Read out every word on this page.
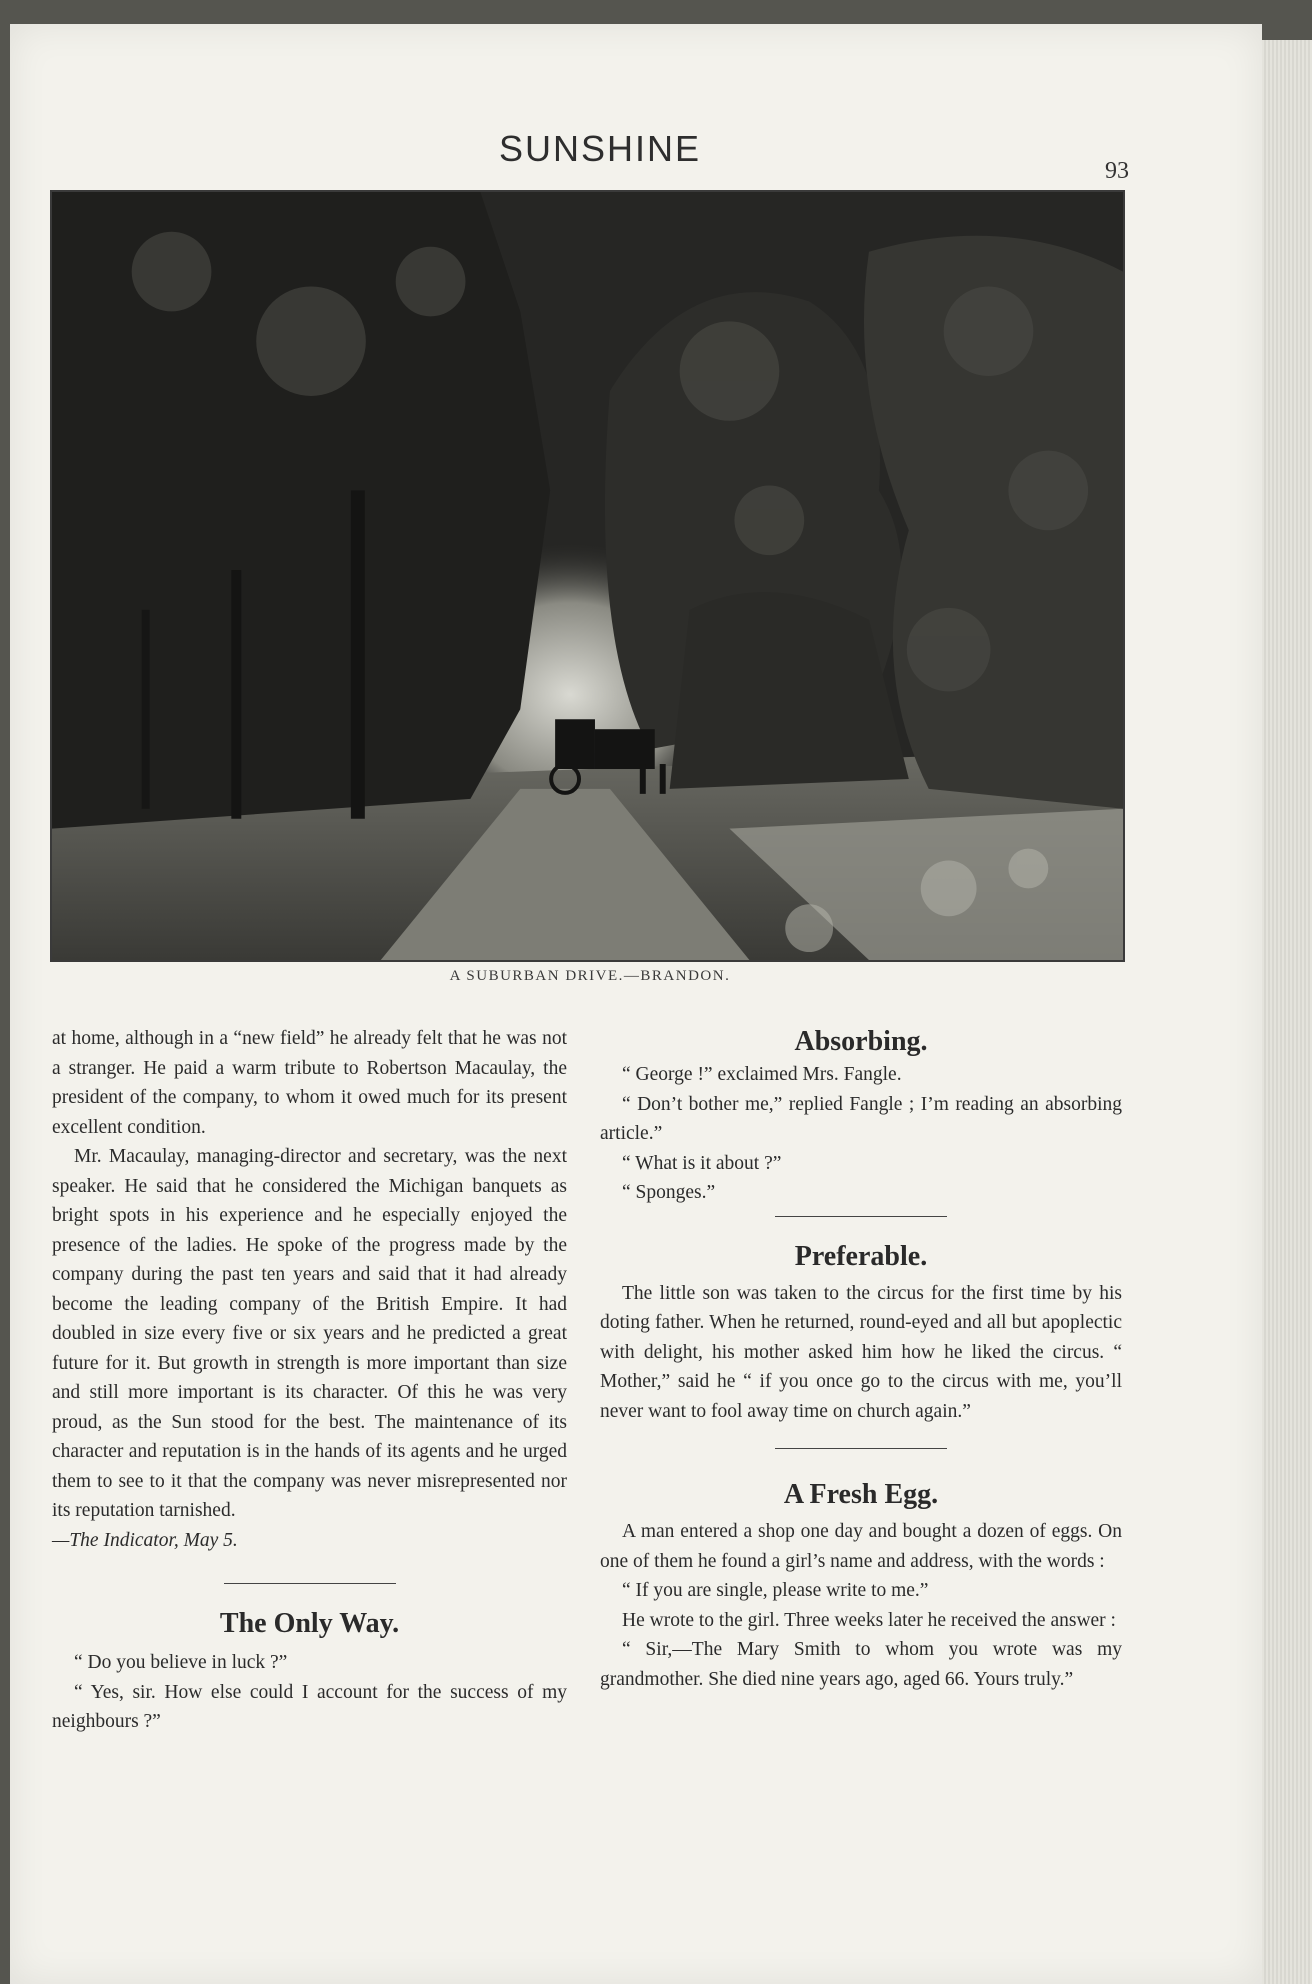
SUNSHINE
93
A SUBURBAN DRIVE.—BRANDON.

at home, although in a “new field” he already felt that he was not a stranger. He paid a warm tribute to Robertson Macaulay, the president of the company, to whom it owed much for its present excellent condition.

Mr. Macaulay, managing-director and secretary, was the next speaker. He said that he considered the Michigan banquets as bright spots in his experience and he especially enjoyed the presence of the ladies. He spoke of the progress made by the company during the past ten years and said that it had already become the leading company of the British Empire. It had doubled in size every five or six years and he predicted a great future for it. But growth in strength is more important than size and still more important is its character. Of this he was very proud, as the Sun stood for the best. The maintenance of its character and reputation is in the hands of its agents and he urged them to see to it that the company was never misrepresented nor its reputation tarnished.

—The Indicator, May 5.

The Only Way.

“ Do you believe in luck ?”

“ Yes, sir. How else could I account for the success of my neighbours ?”

Absorbing.

“ George !” exclaimed Mrs. Fangle.

“ Don’t bother me,” replied Fangle ; I’m reading an absorbing article.”

“ What is it about ?”

“ Sponges.”

Preferable.

The little son was taken to the circus for the first time by his doting father. When he returned, round-eyed and all but apoplectic with delight, his mother asked him how he liked the circus. “ Mother,” said he “ if you once go to the circus with me, you’ll never want to fool away time on church again.”

A Fresh Egg.

A man entered a shop one day and bought a dozen of eggs. On one of them he found a girl’s name and address, with the words :

“ If you are single, please write to me.”

He wrote to the girl. Three weeks later he received the answer :

“ Sir,—The Mary Smith to whom you wrote was my grandmother. She died nine years ago, aged 66. Yours truly.”
